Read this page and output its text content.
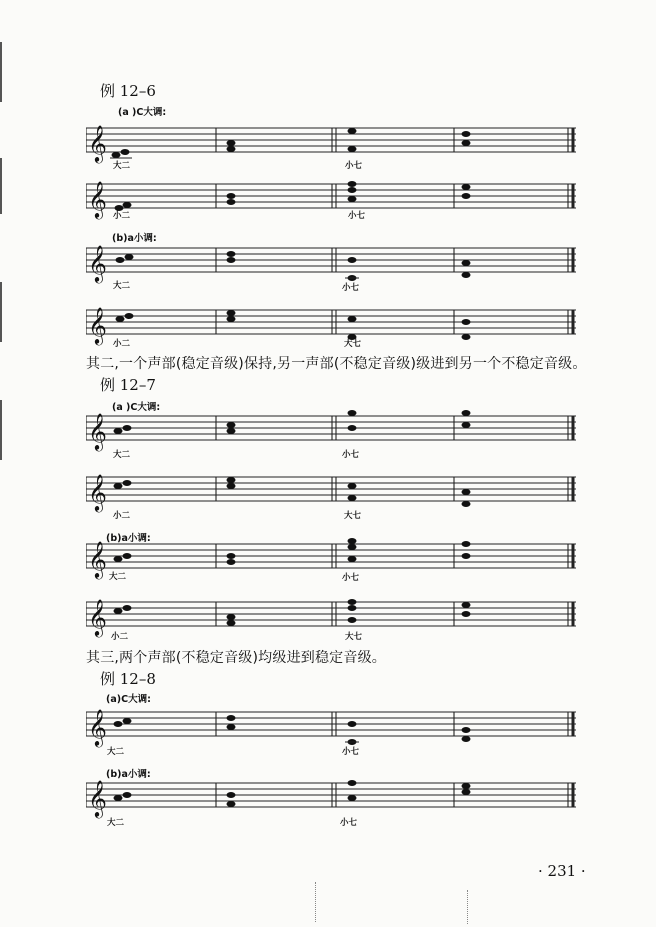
例 12–6
(a )C大调:
𝄞
大二	小七
𝄞 小二	小七
(b)a小调:
𝄞
大二	小七
𝄞 小二	大七
其二,一个声部(稳定音级)保持,另一声部(不稳定音级)级进到另一个不稳定音级。
例 12–7
(a )C大调:
𝄞
大二	小七
𝄞
小二	大七
(b)a小调:
𝄞 大二	小七
𝄞
小二	大七
其三,两个声部(不稳定音级)均级进到稳定音级。
例 12–8
(a)C大调:
𝄞
大二	小七
(b)a小调:
𝄞
大二	小七
· 231 ·
